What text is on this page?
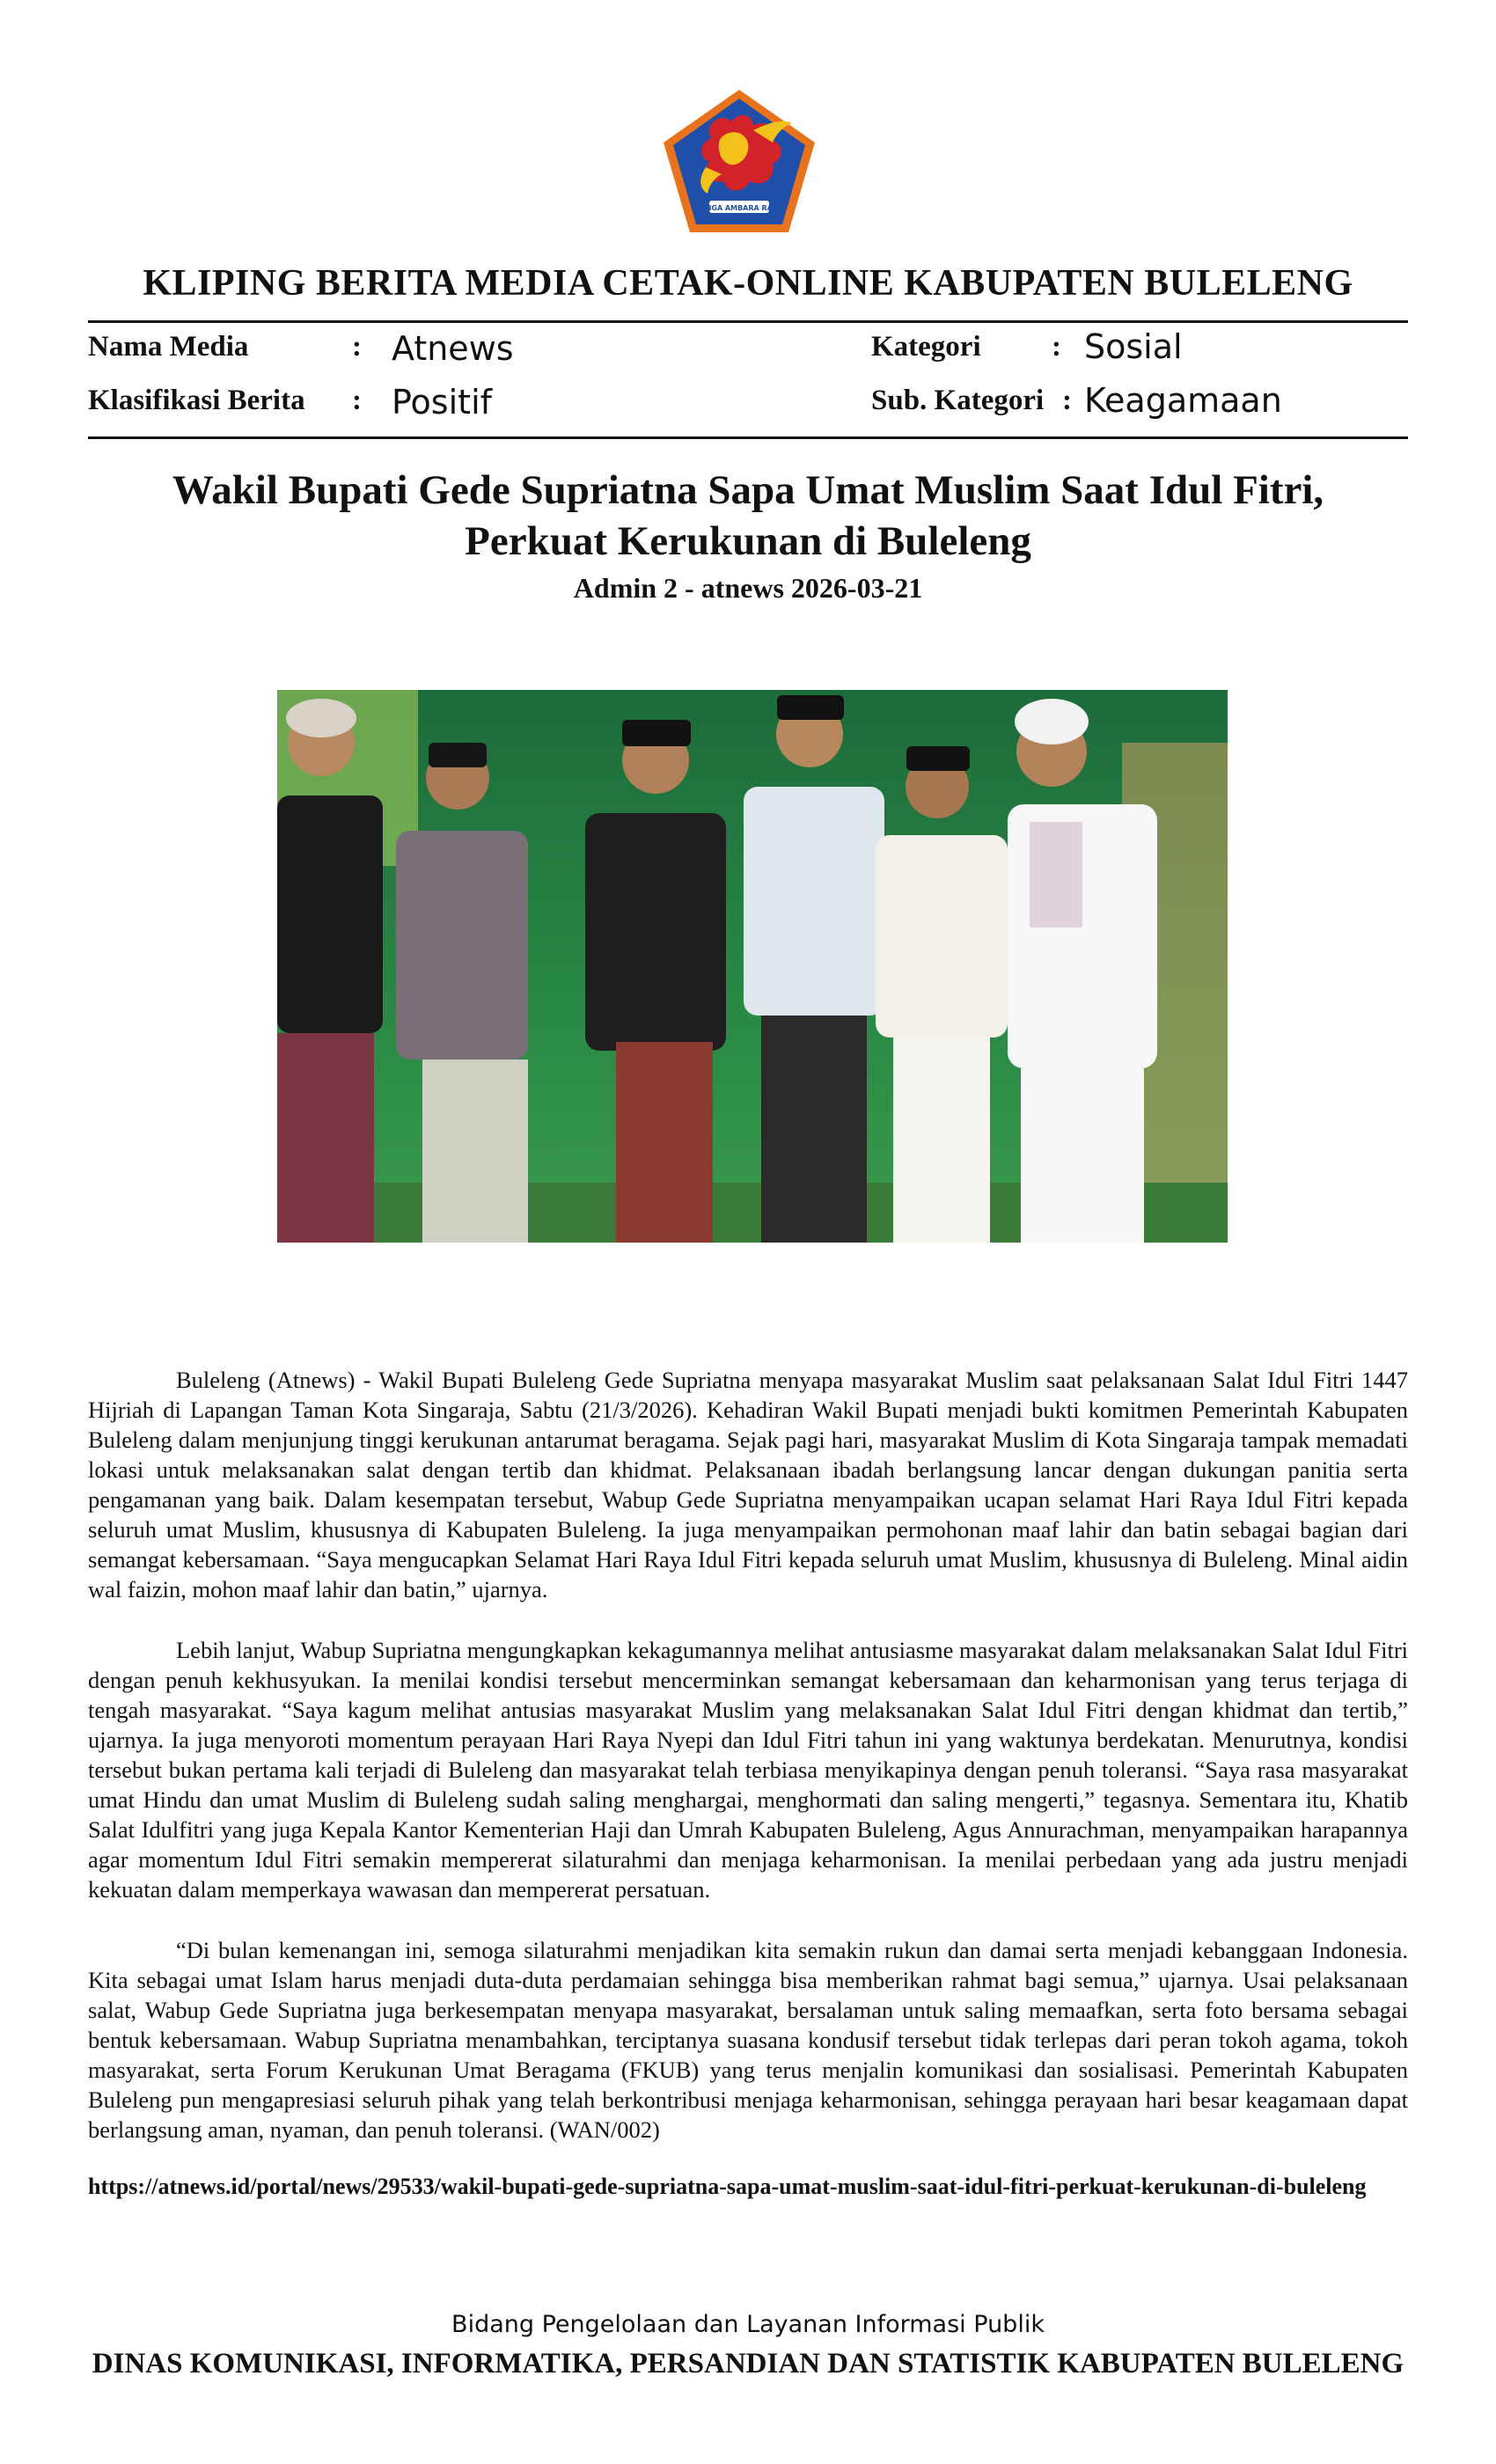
SINGA AMBARA RAJA
KLIPING BERITA MEDIA CETAK-ONLINE KABUPATEN BULELENG
Nama Media	: Atnews
Klasifikasi Berita : Positif
Kategori : Sosial
Sub. Kategori : Keagamaan
Wakil Bupati Gede Supriatna Sapa Umat Muslim Saat Idul Fitri,
Perkuat Kerukunan di Buleleng
Admin 2 - atnews 2026-03-21

Buleleng (Atnews) - Wakil Bupati Buleleng Gede Supriatna menyapa masyarakat Muslim saat pelaksanaan Salat Idul Fitri 1447 Hijriah di Lapangan Taman Kota Singaraja, Sabtu (21/3/2026). Kehadiran Wakil Bupati menjadi bukti komitmen Pemerintah Kabupaten Buleleng dalam menjunjung tinggi kerukunan antarumat beragama. Sejak pagi hari, masyarakat Muslim di Kota Singaraja tampak memadati lokasi untuk melaksanakan salat dengan tertib dan khidmat. Pelaksanaan ibadah berlangsung lancar dengan dukungan panitia serta pengamanan yang baik. Dalam kesempatan tersebut, Wabup Gede Supriatna menyampaikan ucapan selamat Hari Raya Idul Fitri kepada seluruh umat Muslim, khususnya di Kabupaten Buleleng. Ia juga menyampaikan permohonan maaf lahir dan batin sebagai bagian dari semangat kebersamaan. “Saya mengucapkan Selamat Hari Raya Idul Fitri kepada seluruh umat Muslim, khususnya di Buleleng. Minal aidin wal faizin, mohon maaf lahir dan batin,” ujarnya.

Lebih lanjut, Wabup Supriatna mengungkapkan kekagumannya melihat antusiasme masyarakat dalam melaksanakan Salat Idul Fitri dengan penuh kekhusyukan. Ia menilai kondisi tersebut mencerminkan semangat kebersamaan dan keharmonisan yang terus terjaga di tengah masyarakat. “Saya kagum melihat antusias masyarakat Muslim yang melaksanakan Salat Idul Fitri dengan khidmat dan tertib,” ujarnya. Ia juga menyoroti momentum perayaan Hari Raya Nyepi dan Idul Fitri tahun ini yang waktunya berdekatan. Menurutnya, kondisi tersebut bukan pertama kali terjadi di Buleleng dan masyarakat telah terbiasa menyikapinya dengan penuh toleransi. “Saya rasa masyarakat umat Hindu dan umat Muslim di Buleleng sudah saling menghargai, menghormati dan saling mengerti,” tegasnya. Sementara itu, Khatib Salat Idulfitri yang juga Kepala Kantor Kementerian Haji dan Umrah Kabupaten Buleleng, Agus Annurachman, menyampaikan harapannya agar momentum Idul Fitri semakin mempererat silaturahmi dan menjaga keharmonisan. Ia menilai perbedaan yang ada justru menjadi kekuatan dalam memperkaya wawasan dan mempererat persatuan.

“Di bulan kemenangan ini, semoga silaturahmi menjadikan kita semakin rukun dan damai serta menjadi kebanggaan Indonesia. Kita sebagai umat Islam harus menjadi duta-duta perdamaian sehingga bisa memberikan rahmat bagi semua,” ujarnya. Usai pelaksanaan salat, Wabup Gede Supriatna juga berkesempatan menyapa masyarakat, bersalaman untuk saling memaafkan, serta foto bersama sebagai bentuk kebersamaan. Wabup Supriatna menambahkan, terciptanya suasana kondusif tersebut tidak terlepas dari peran tokoh agama, tokoh masyarakat, serta Forum Kerukunan Umat Beragama (FKUB) yang terus menjalin komunikasi dan sosialisasi. Pemerintah Kabupaten Buleleng pun mengapresiasi seluruh pihak yang telah berkontribusi menjaga keharmonisan, sehingga perayaan hari besar keagamaan dapat berlangsung aman, nyaman, dan penuh toleransi. (WAN/002)

https://atnews.id/portal/news/29533/wakil-bupati-gede-supriatna-sapa-umat-muslim-saat-idul-fitri-perkuat-kerukunan-di-buleleng
Bidang Pengelolaan dan Layanan Informasi Publik
DINAS KOMUNIKASI, INFORMATIKA, PERSANDIAN DAN STATISTIK KABUPATEN BULELENG
